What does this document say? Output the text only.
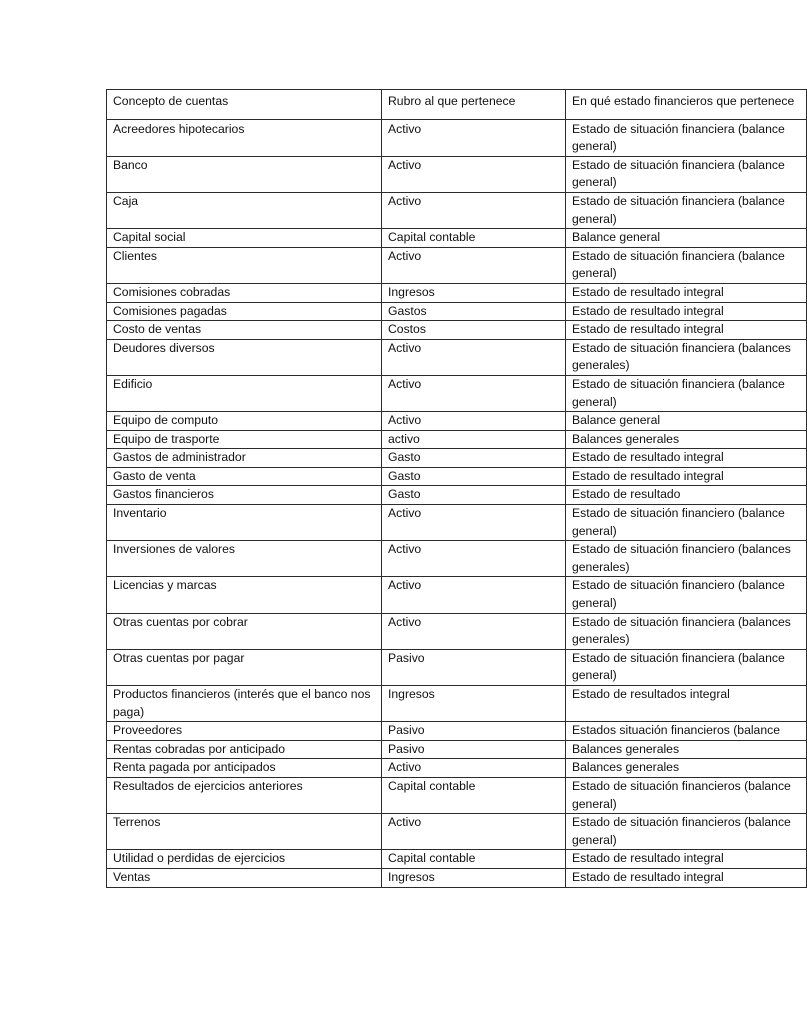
Concepto de cuentas	Rubro al que pertenece	En qué estado financieros que pertenece
Acreedores hipotecarios	Activo	Estado de situación financiera (balance general)
Banco	Activo	Estado de situación financiera (balance general)
Caja	Activo	Estado de situación financiera (balance general)
Capital social	Capital contable	Balance general
Clientes	Activo	Estado de situación financiera (balance general)
Comisiones cobradas	Ingresos	Estado de resultado integral
Comisiones pagadas	Gastos	Estado de resultado integral
Costo de ventas	Costos	Estado de resultado integral
Deudores diversos	Activo	Estado de situación financiera (balances generales)
Edificio	Activo	Estado de situación financiera (balance general)
Equipo de computo	Activo	Balance general
Equipo de trasporte	activo	Balances generales
Gastos de administrador	Gasto	Estado de resultado integral
Gasto de venta	Gasto	Estado de resultado integral
Gastos financieros	Gasto	Estado de resultado
Inventario	Activo	Estado de situación financiero (balance general)
Inversiones de valores	Activo	Estado de situación financiero (balances generales)
Licencias y marcas	Activo	Estado de situación financiero (balance general)
Otras cuentas por cobrar	Activo	Estado de situación financiera (balances generales)
Otras cuentas por pagar	Pasivo	Estado de situación financiera (balance general)
Productos financieros (interés que el banco nos paga)	Ingresos	Estado de resultados integral
Proveedores	Pasivo	Estados situación financieros (balance
Rentas cobradas por anticipado	Pasivo	Balances generales
Renta pagada por anticipados	Activo	Balances generales
Resultados de ejercicios anteriores	Capital contable	Estado de situación financieros (balance general)
Terrenos	Activo	Estado de situación financieros (balance general)
Utilidad o perdidas de ejercicios	Capital contable	Estado de resultado integral
Ventas	Ingresos	Estado de resultado integral
